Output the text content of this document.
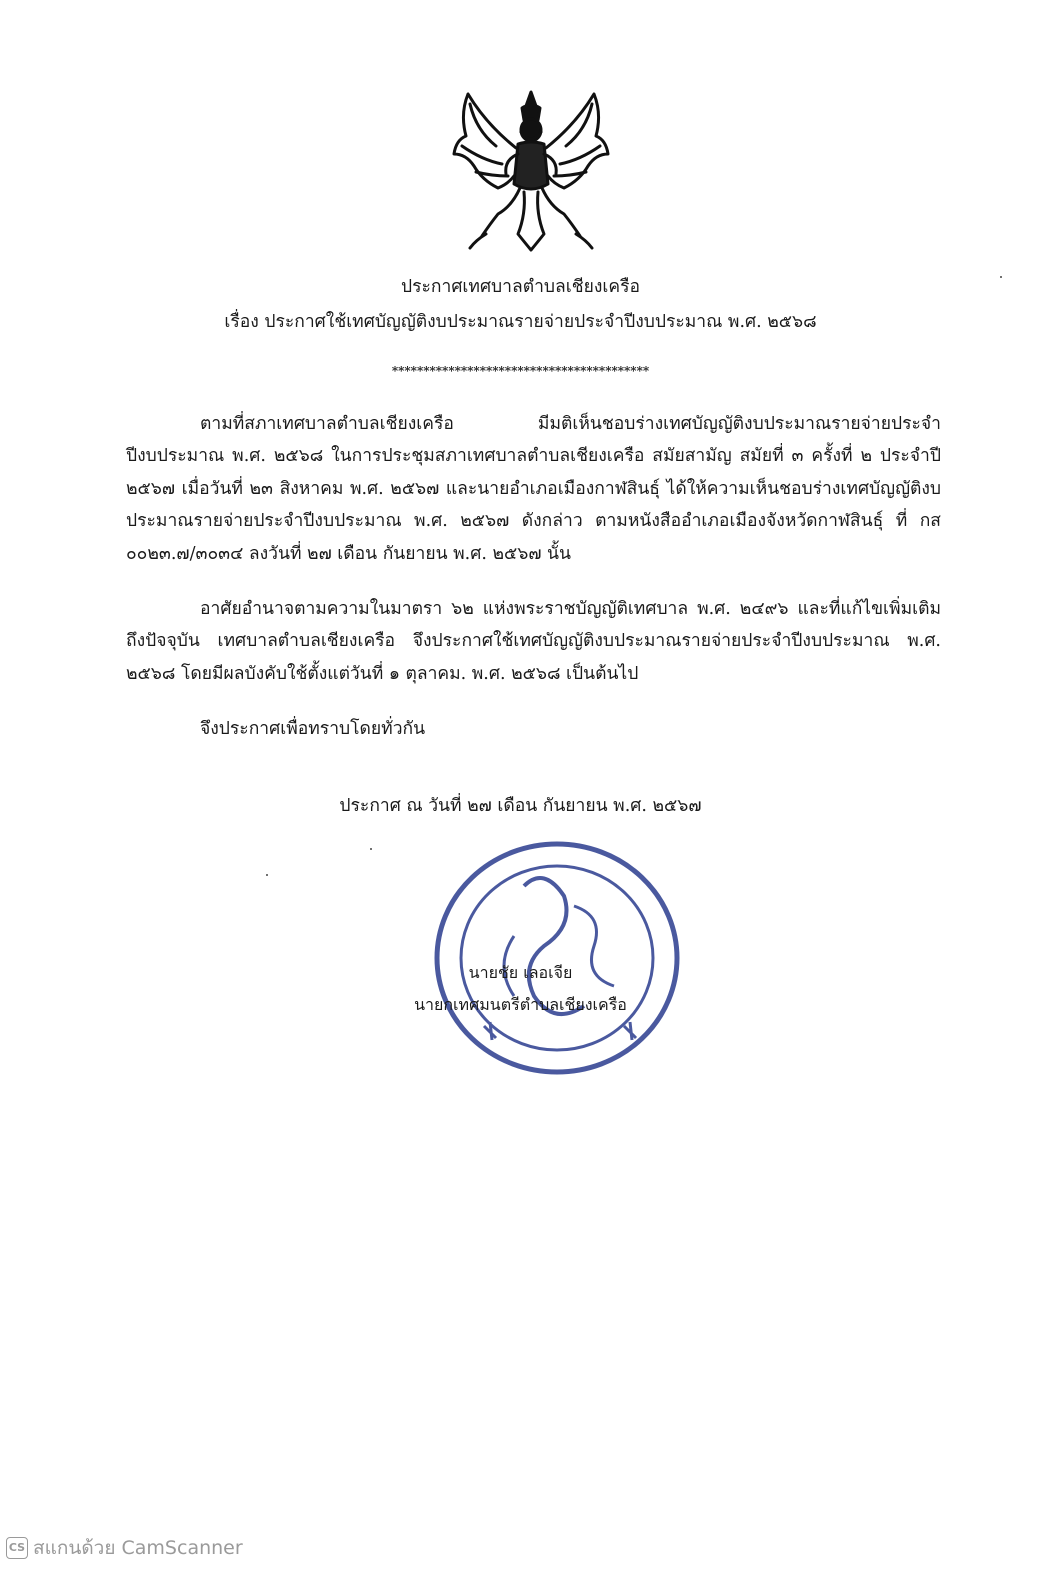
ประกาศเทศบาลตำบลเชียงเครือ
เรื่อง ประกาศใช้เทศบัญญัติงบประมาณรายจ่ายประจำปีงบประมาณ พ.ศ. ๒๕๖๘
*****************************************

ตามที่สภาเทศบาลตำบลเชียงเครือ มีมติเห็นชอบร่างเทศบัญญัติงบประมาณรายจ่ายประจำปีงบประมาณ พ.ศ. ๒๕๖๘ ในการประชุมสภาเทศบาลตำบลเชียงเครือ สมัยสามัญ สมัยที่ ๓ ครั้งที่ ๒ ประจำปี ๒๕๖๗ เมื่อวันที่ ๒๓ สิงหาคม พ.ศ. ๒๕๖๗ และนายอำเภอเมืองกาฬสินธุ์ ได้ให้ความเห็นชอบร่างเทศบัญญัติงบประมาณรายจ่ายประจำปีงบประมาณ พ.ศ. ๒๕๖๗ ดังกล่าว ตามหนังสืออำเภอเมืองจังหวัดกาฬสินธุ์ ที่ กส ๐๐๒๓.๗/๓๐๓๔ ลงวันที่ ๒๗ เดือน กันยายน พ.ศ. ๒๕๖๗ นั้น

อาศัยอำนาจตามความในมาตรา ๖๒ แห่งพระราชบัญญัติเทศบาล พ.ศ. ๒๔๙๖ และที่แก้ไขเพิ่มเติมถึงปัจจุบัน เทศบาลตำบลเชียงเครือ จึงประกาศใช้เทศบัญญัติงบประมาณรายจ่ายประจำปีงบประมาณ พ.ศ. ๒๕๖๘ โดยมีผลบังคับใช้ตั้งแต่วันที่ ๑ ตุลาคม. พ.ศ. ๒๕๖๘ เป็นต้นไป

จึงประกาศเพื่อทราบโดยทั่วกัน
ประกาศ ณ วันที่ ๒๗ เดือน กันยายน พ.ศ. ๒๕๖๗
นายชัย เลอเจีย
นายกเทศมนตรีตำบลเชียงเครือ
CS สแกนด้วย CamScanner
